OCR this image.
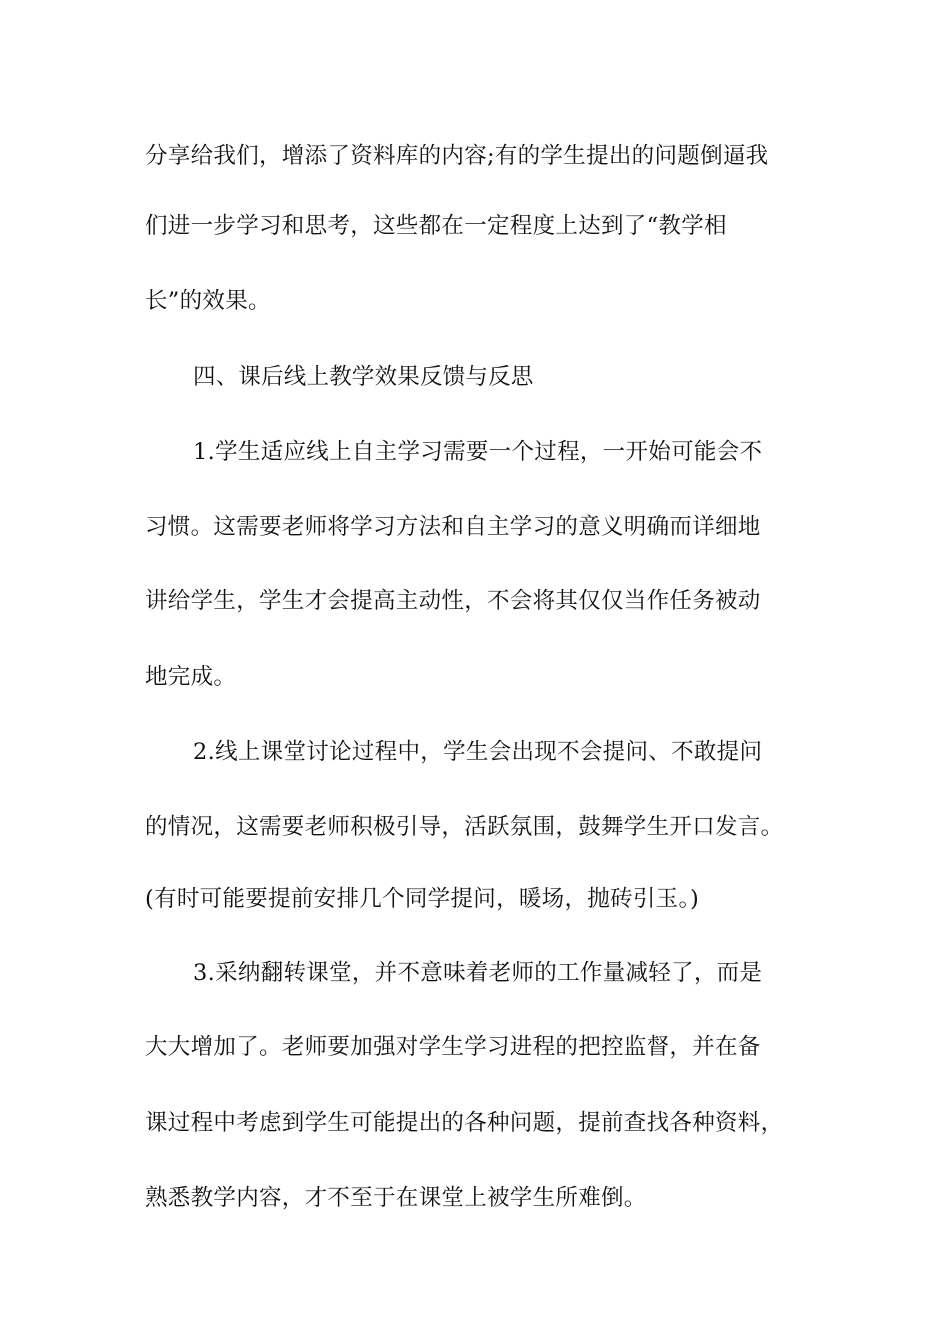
分享给我们，增添了资料库的内容;有的学生提出的问题倒逼我
们进一步学习和思考，这些都在一定程度上达到了“教学相
长”的效果。
四、课后线上教学效果反馈与反思
1.学生适应线上自主学习需要一个过程，一开始可能会不
习惯。这需要老师将学习方法和自主学习的意义明确而详细地
讲给学生，学生才会提高主动性，不会将其仅仅当作任务被动
地完成。
2.线上课堂讨论过程中，学生会出现不会提问、不敢提问
的情况，这需要老师积极引导，活跃氛围，鼓舞学生开口发言。
(有时可能要提前安排几个同学提问，暖场，抛砖引玉。)
3.采纳翻转课堂，并不意味着老师的工作量减轻了，而是
大大增加了。老师要加强对学生学习进程的把控监督，并在备
课过程中考虑到学生可能提出的各种问题，提前查找各种资料，
熟悉教学内容，才不至于在课堂上被学生所难倒。
